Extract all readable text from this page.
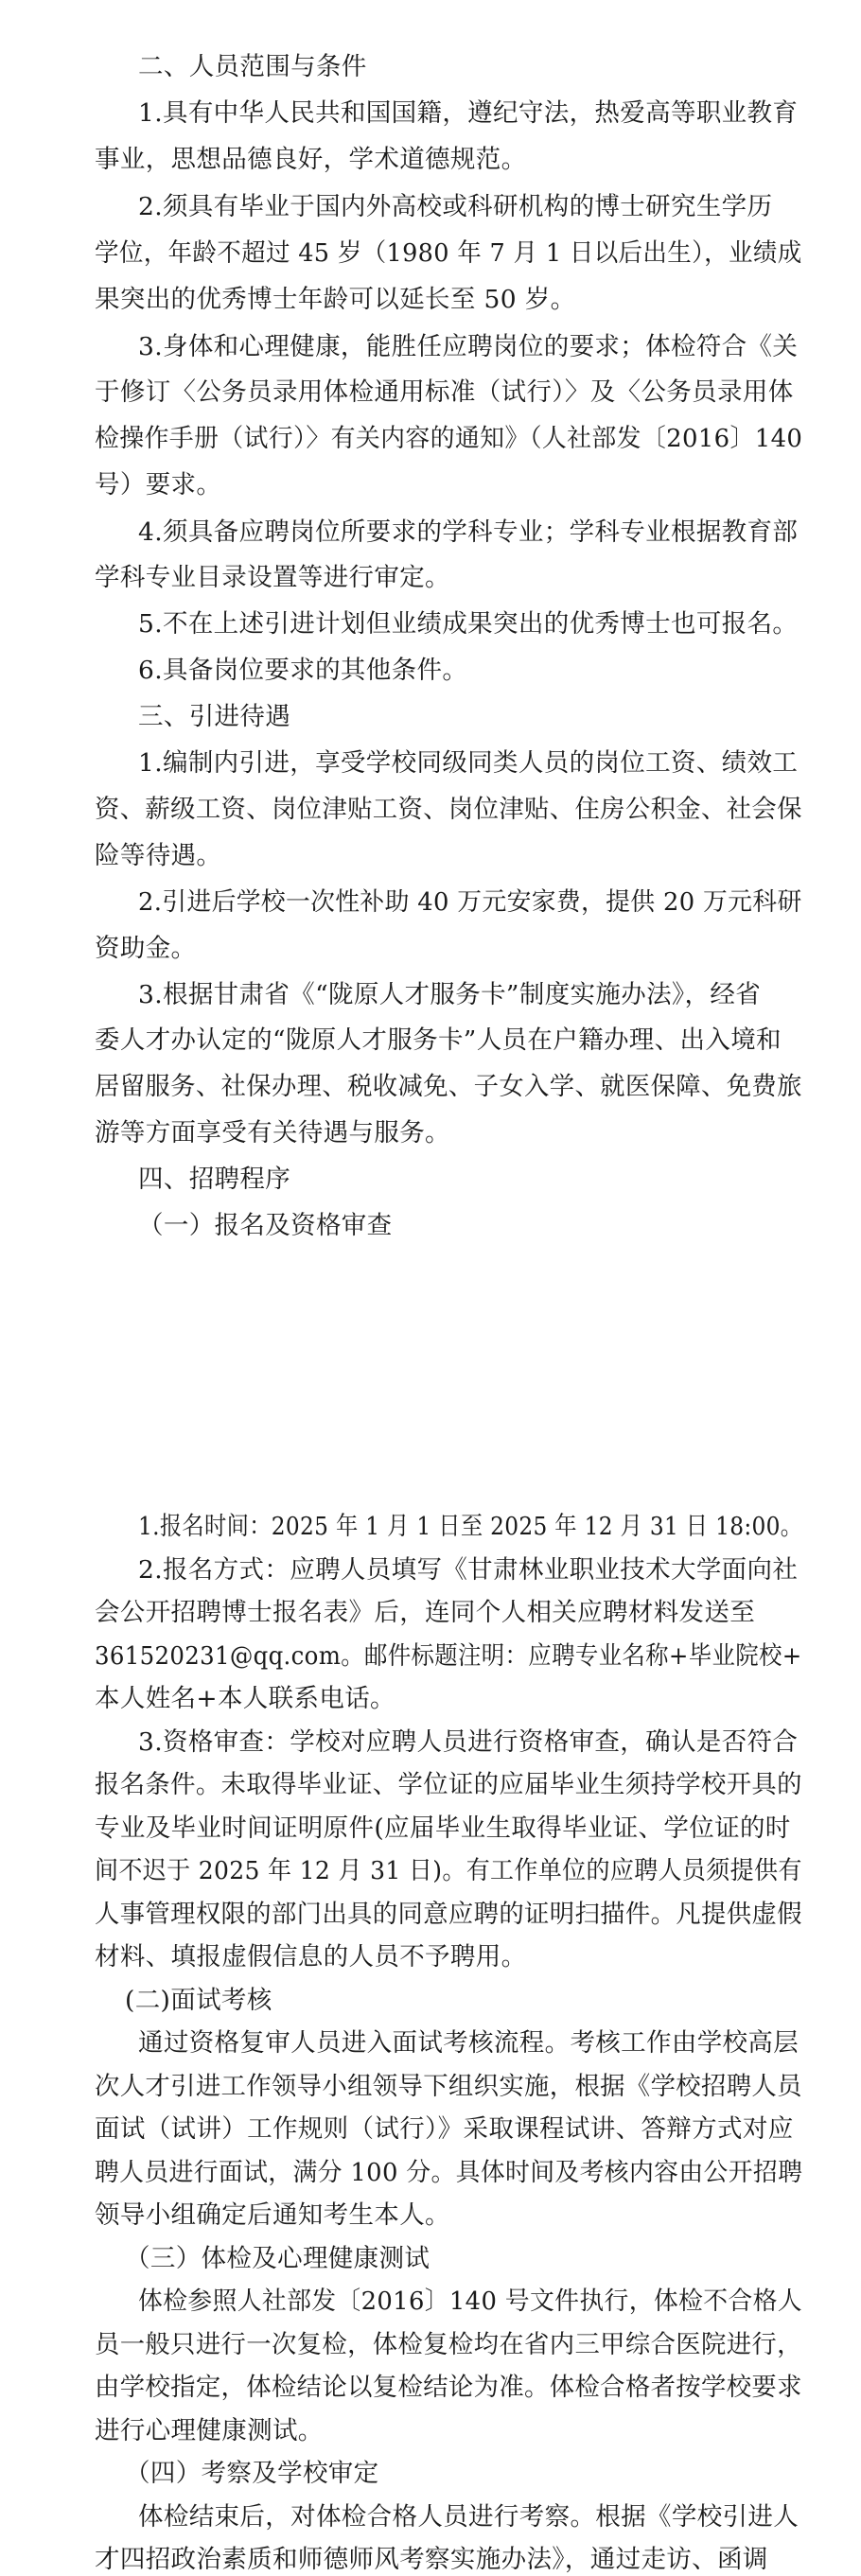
二、人员范围与条件
1.具有中华人民共和国国籍，遵纪守法，热爱高等职业教育
事业，思想品德良好，学术道德规范。
2.须具有毕业于国内外高校或科研机构的博士研究生学历
学位，年龄不超过 45 岁（1980 年 7 月 1 日以后出生），业绩成
果突出的优秀博士年龄可以延长至 50 岁。
3.身体和心理健康，能胜任应聘岗位的要求；体检符合《关
于修订〈公务员录用体检通用标准（试行）〉及〈公务员录用体
检操作手册（试行）〉有关内容的通知》（人社部发〔2016〕140
号）要求。
4.须具备应聘岗位所要求的学科专业；学科专业根据教育部
学科专业目录设置等进行审定。
5.不在上述引进计划但业绩成果突出的优秀博士也可报名。
6.具备岗位要求的其他条件。
三、引进待遇
1.编制内引进，享受学校同级同类人员的岗位工资、绩效工
资、薪级工资、岗位津贴工资、岗位津贴、住房公积金、社会保
险等待遇。
2.引进后学校一次性补助 40 万元安家费，提供 20 万元科研
资助金。
3.根据甘肃省《“陇原人才服务卡”制度实施办法》，经省
委人才办认定的“陇原人才服务卡”人员在户籍办理、出入境和
居留服务、社保办理、税收减免、子女入学、就医保障、免费旅
游等方面享受有关待遇与服务。
四、招聘程序
（一）报名及资格审查
1.报名时间：2025 年 1 月 1 日至 2025 年 12 月 31 日 18:00。
2.报名方式：应聘人员填写《甘肃林业职业技术大学面向社
会公开招聘博士报名表》后，连同个人相关应聘材料发送至
361520231@qq.com。邮件标题注明：应聘专业名称+毕业院校+
本人姓名+本人联系电话。
3.资格审查：学校对应聘人员进行资格审查，确认是否符合
报名条件。未取得毕业证、学位证的应届毕业生须持学校开具的
专业及毕业时间证明原件(应届毕业生取得毕业证、学位证的时
间不迟于 2025 年 12 月 31 日)。有工作单位的应聘人员须提供有
人事管理权限的部门出具的同意应聘的证明扫描件。凡提供虚假
材料、填报虚假信息的人员不予聘用。
(二)面试考核
通过资格复审人员进入面试考核流程。考核工作由学校高层
次人才引进工作领导小组领导下组织实施，根据《学校招聘人员
面试（试讲）工作规则（试行）》采取课程试讲、答辩方式对应
聘人员进行面试，满分 100 分。具体时间及考核内容由公开招聘
领导小组确定后通知考生本人。
（三）体检及心理健康测试
体检参照人社部发〔2016〕140 号文件执行，体检不合格人
员一般只进行一次复检，体检复检均在省内三甲综合医院进行，
由学校指定，体检结论以复检结论为准。体检合格者按学校要求
进行心理健康测试。
（四）考察及学校审定
体检结束后，对体检合格人员进行考察。根据《学校引进人
才四招政治素质和师德师风考察实施办法》，通过走访、函调
